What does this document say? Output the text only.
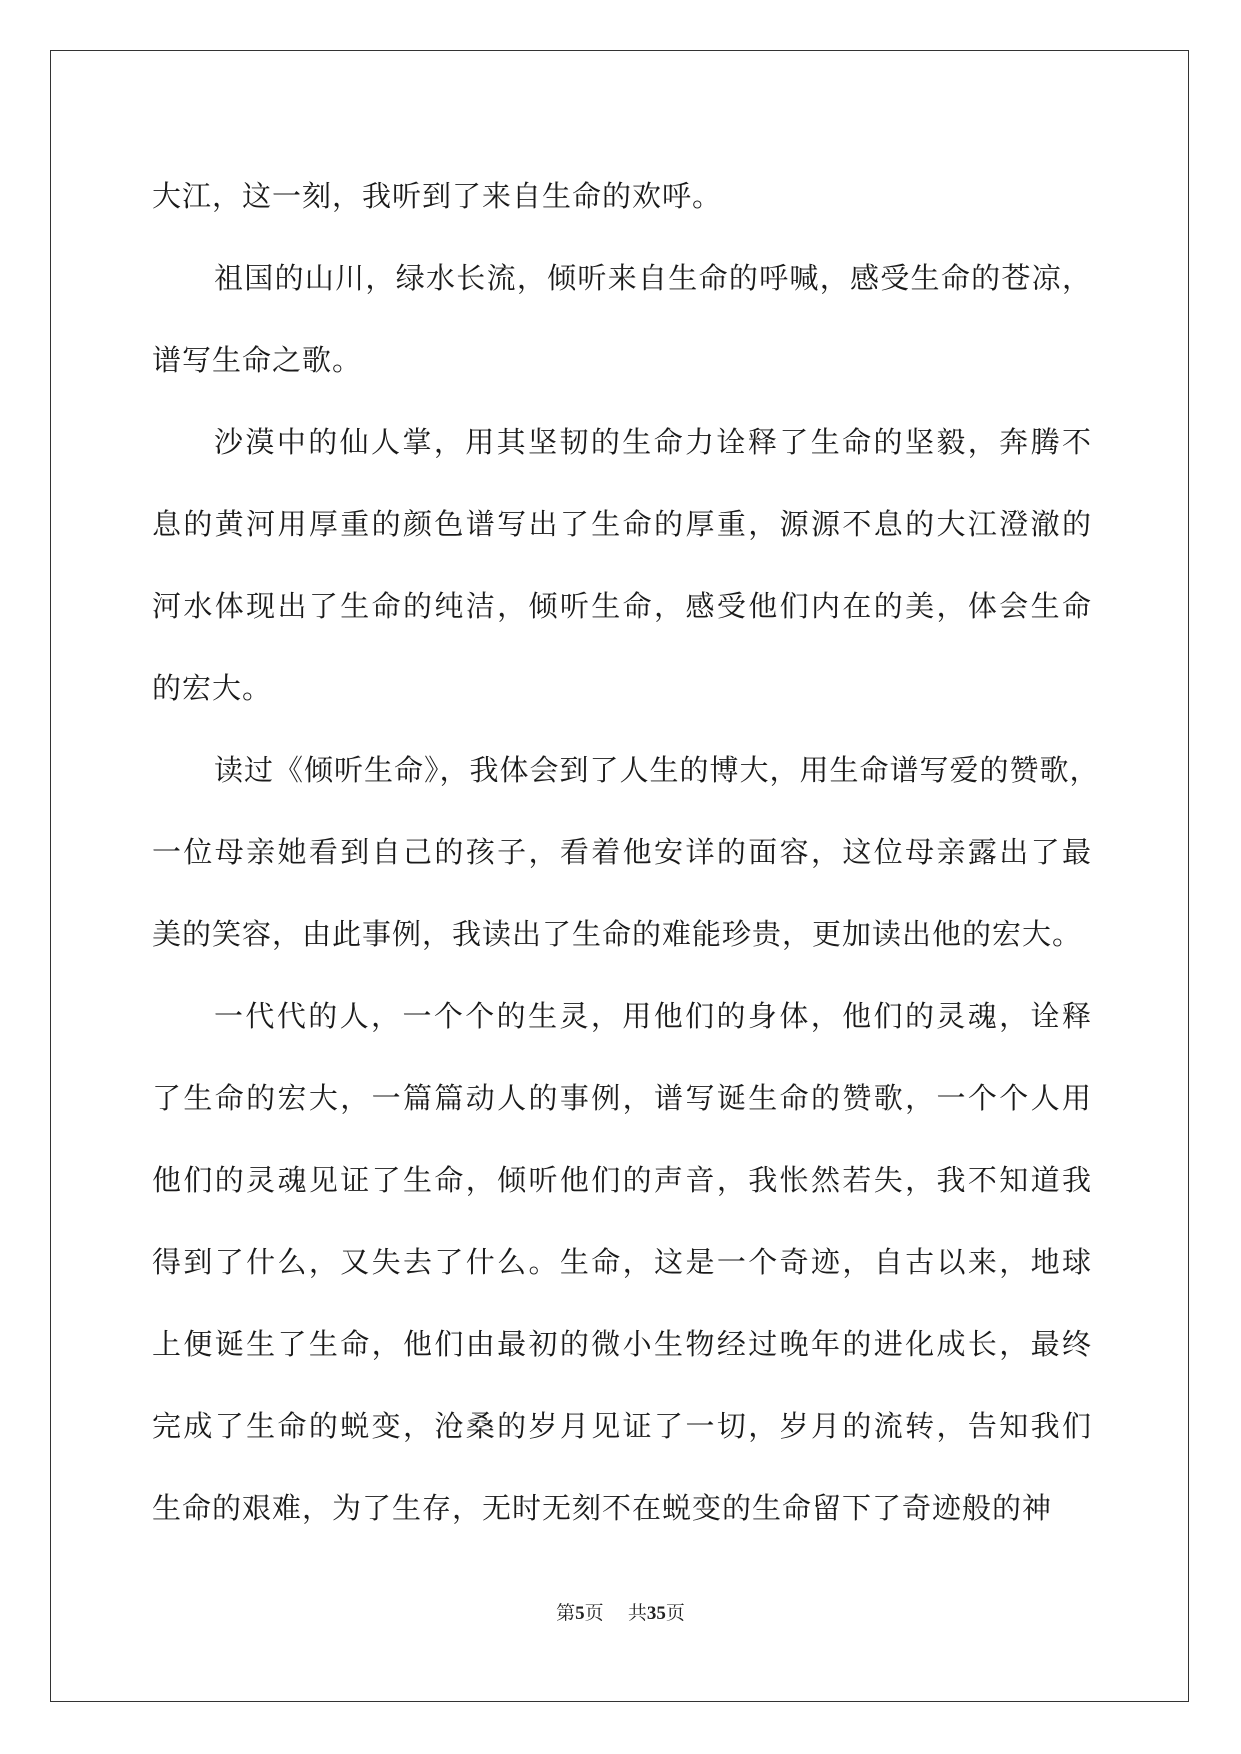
大江，这一刻，我听到了来自生命的欢呼。
祖国的山川，绿水长流，倾听来自生命的呼喊，感受生命的苍凉，
谱写生命之歌。
沙漠中的仙人掌，用其坚韧的生命力诠释了生命的坚毅，奔腾不
息的黄河用厚重的颜色谱写出了生命的厚重，源源不息的大江澄澈的
河水体现出了生命的纯洁，倾听生命，感受他们内在的美，体会生命
的宏大。
读过《倾听生命》，我体会到了人生的博大，用生命谱写爱的赞歌，
一位母亲她看到自己的孩子，看着他安详的面容，这位母亲露出了最
美的笑容，由此事例，我读出了生命的难能珍贵，更加读出他的宏大。
一代代的人，一个个的生灵，用他们的身体，他们的灵魂，诠释
了生命的宏大，一篇篇动人的事例，谱写诞生命的赞歌，一个个人用
他们的灵魂见证了生命，倾听他们的声音，我怅然若失，我不知道我
得到了什么，又失去了什么。生命，这是一个奇迹，自古以来，地球
上便诞生了生命，他们由最初的微小生物经过晚年的进化成长，最终
完成了生命的蜕变，沧桑的岁月见证了一切，岁月的流转，告知我们
生命的艰难，为了生存，无时无刻不在蜕变的生命留下了奇迹般的神
第5页 共35页
